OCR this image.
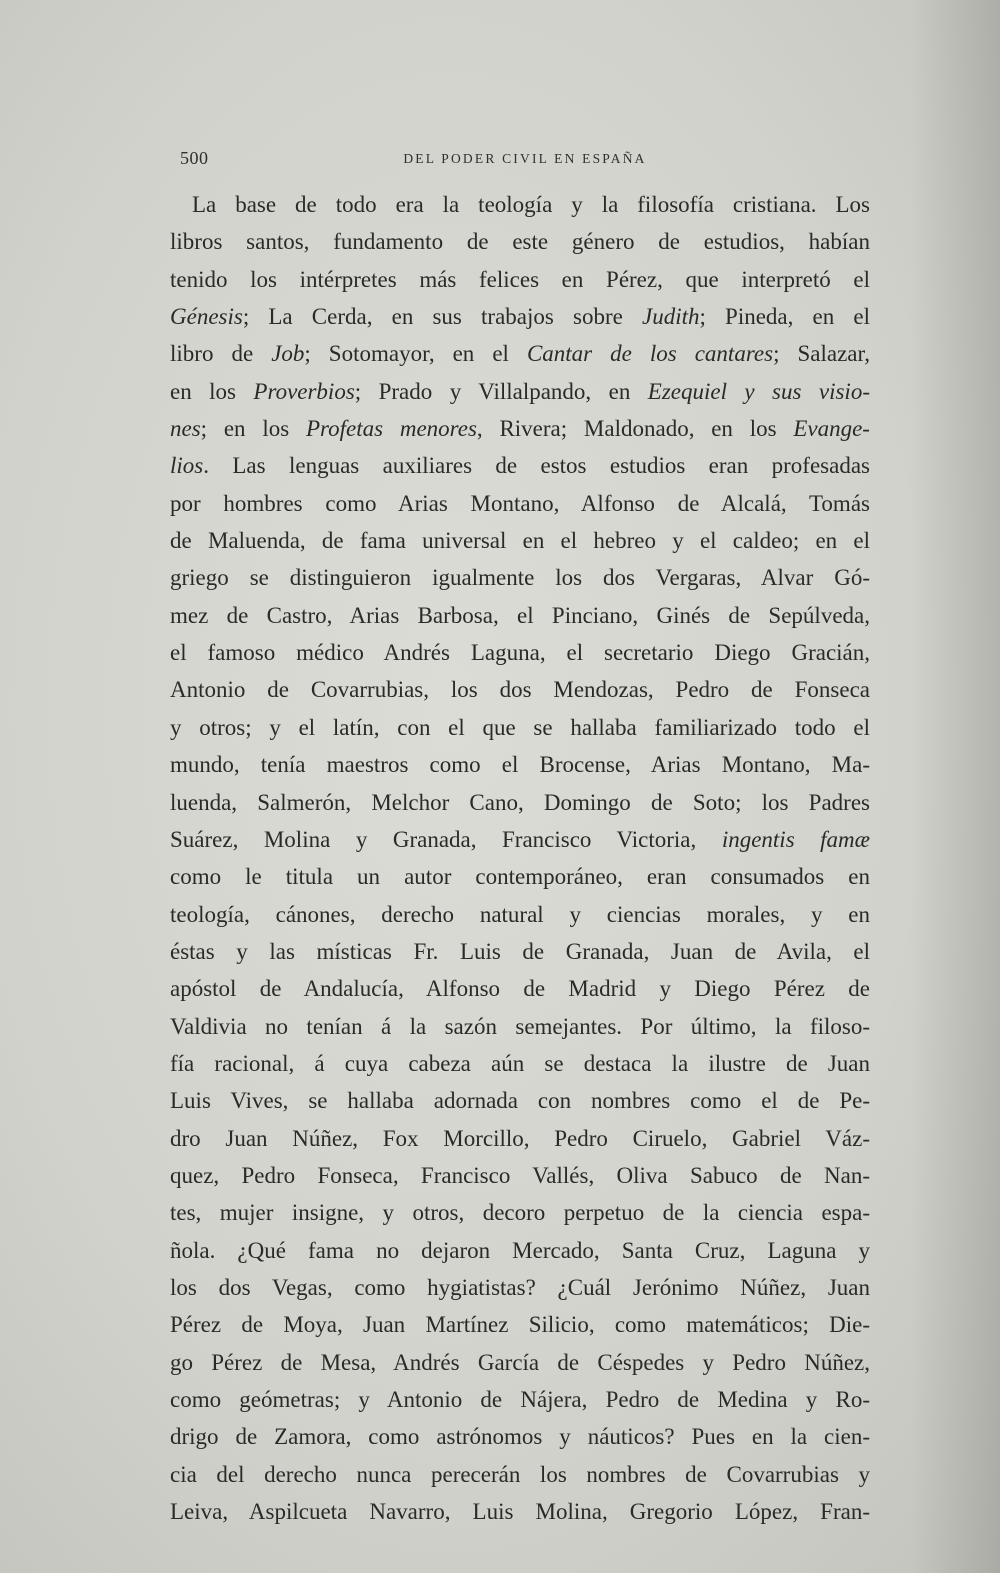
500	DEL PODER CIVIL EN ESPAÑA
La base de todo era la teología y la filosofía cristiana. Los
libros santos, fundamento de este género de estudios, habían
tenido los intérpretes más felices en Pérez, que interpretó el
Génesis; La Cerda, en sus trabajos sobre Judith; Pineda, en el
libro de Job; Sotomayor, en el Cantar de los cantares; Salazar,
en los Proverbios; Prado y Villalpando, en Ezequiel y sus visio-
nes; en los Profetas menores, Rivera; Maldonado, en los Evange-
lios. Las lenguas auxiliares de estos estudios eran profesadas
por hombres como Arias Montano, Alfonso de Alcalá, Tomás
de Maluenda, de fama universal en el hebreo y el caldeo; en el
griego se distinguieron igualmente los dos Vergaras, Alvar Gó-
mez de Castro, Arias Barbosa, el Pinciano, Ginés de Sepúlveda,
el famoso médico Andrés Laguna, el secretario Diego Gracián,
Antonio de Covarrubias, los dos Mendozas, Pedro de Fonseca
y otros; y el latín, con el que se hallaba familiarizado todo el
mundo, tenía maestros como el Brocense, Arias Montano, Ma-
luenda, Salmerón, Melchor Cano, Domingo de Soto; los Padres
Suárez, Molina y Granada, Francisco Victoria, ingentis famæ
como le titula un autor contemporáneo, eran consumados en
teología, cánones, derecho natural y ciencias morales, y en
éstas y las místicas Fr. Luis de Granada, Juan de Avila, el
apóstol de Andalucía, Alfonso de Madrid y Diego Pérez de
Valdivia no tenían á la sazón semejantes. Por último, la filoso-
fía racional, á cuya cabeza aún se destaca la ilustre de Juan
Luis Vives, se hallaba adornada con nombres como el de Pe-
dro Juan Núñez, Fox Morcillo, Pedro Ciruelo, Gabriel Váz-
quez, Pedro Fonseca, Francisco Vallés, Oliva Sabuco de Nan-
tes, mujer insigne, y otros, decoro perpetuo de la ciencia espa-
ñola. ¿Qué fama no dejaron Mercado, Santa Cruz, Laguna y
los dos Vegas, como hygiatistas? ¿Cuál Jerónimo Núñez, Juan
Pérez de Moya, Juan Martínez Silicio, como matemáticos; Die-
go Pérez de Mesa, Andrés García de Céspedes y Pedro Núñez,
como geómetras; y Antonio de Nájera, Pedro de Medina y Ro-
drigo de Zamora, como astrónomos y náuticos? Pues en la cien-
cia del derecho nunca perecerán los nombres de Covarrubias y
Leiva, Aspilcueta Navarro, Luis Molina, Gregorio López, Fran-
